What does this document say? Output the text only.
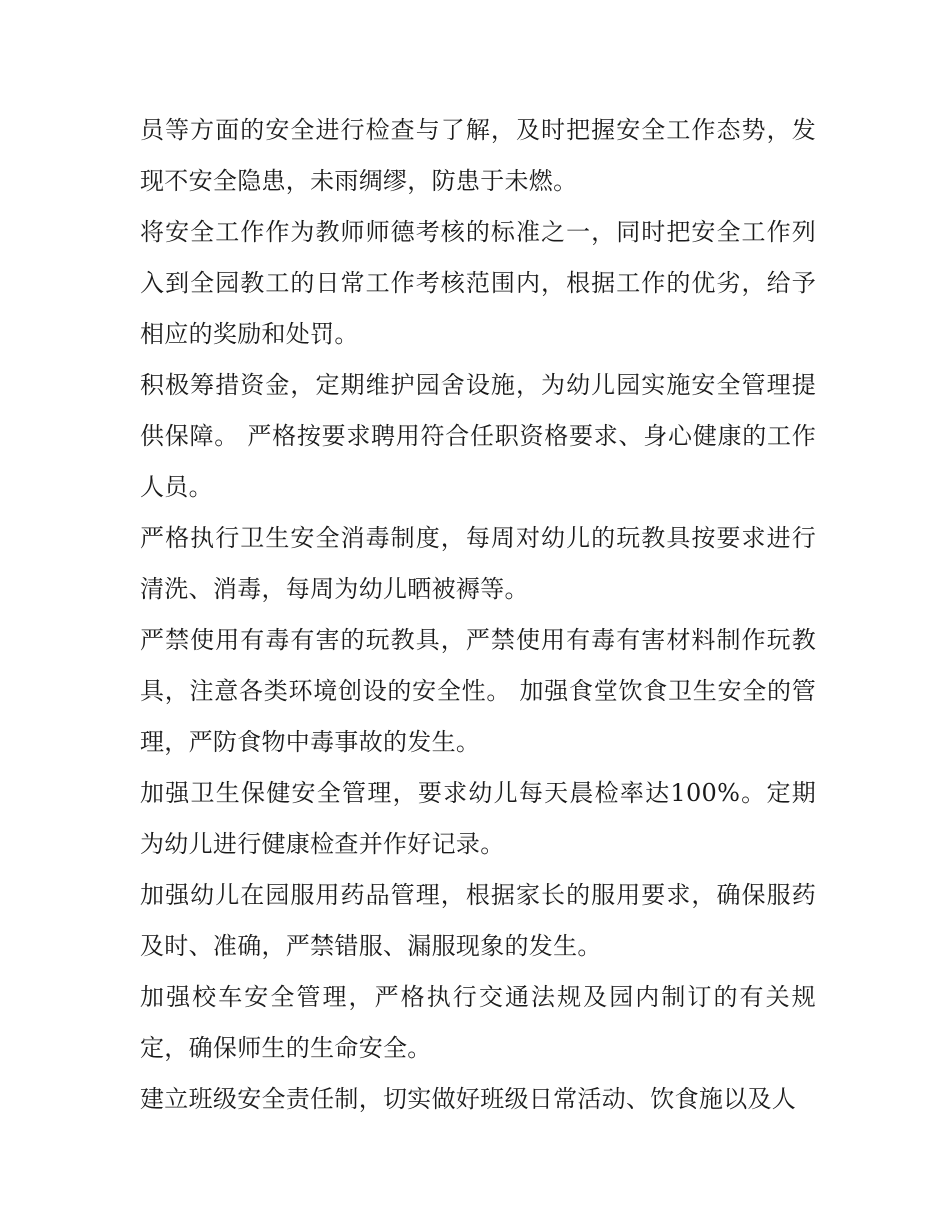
员等方面的安全进行检查与了解，及时把握安全工作态势，发现不安全隐患，未雨绸缪，防患于未燃。

将安全工作作为教师师德考核的标准之一，同时把安全工作列入到全园教工的日常工作考核范围内，根据工作的优劣，给予相应的奖励和处罚。

积极筹措资金，定期维护园舍设施，为幼儿园实施安全管理提供保障。 严格按要求聘用符合任职资格要求、身心健康的工作人员。

严格执行卫生安全消毒制度，每周对幼儿的玩教具按要求进行清洗、消毒，每周为幼儿晒被褥等。

严禁使用有毒有害的玩教具，严禁使用有毒有害材料制作玩教具，注意各类环境创设的安全性。 加强食堂饮食卫生安全的管理，严防食物中毒事故的发生。

加强卫生保健安全管理，要求幼儿每天晨检率达100%。定期为幼儿进行健康检查并作好记录。

加强幼儿在园服用药品管理，根据家长的服用要求，确保服药及时、准确，严禁错服、漏服现象的发生。

加强校车安全管理，严格执行交通法规及园内制订的有关规定，确保师生的生命安全。

建立班级安全责任制，切实做好班级日常活动、饮食施以及人
